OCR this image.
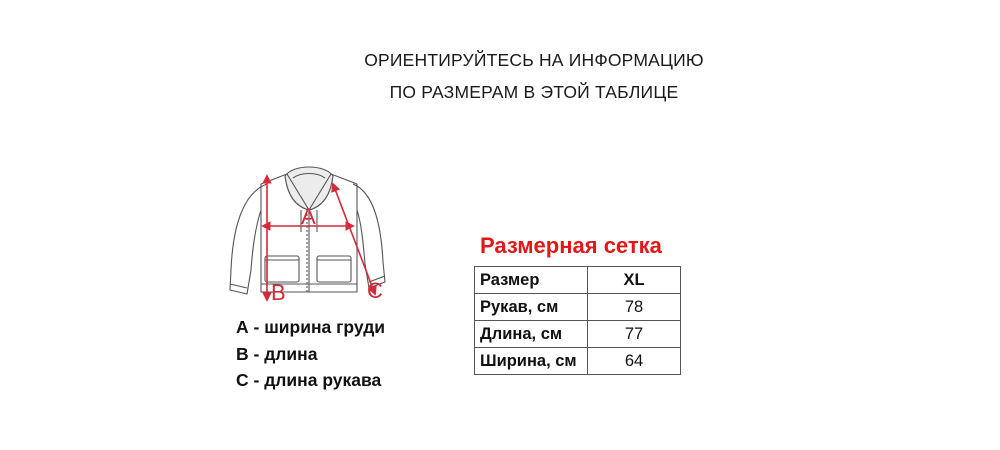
ОРИЕНТИРУЙТЕСЬ НА ИНФОРМАЦИЮ
ПО РАЗМЕРАМ В ЭТОЙ ТАБЛИЦЕ
A
B	C
А - ширина груди
В - длина
С - длина рукава
Размерная сетка
Размер	XL
Рукав, см	78
Длина, см	77
Ширина, см	64
